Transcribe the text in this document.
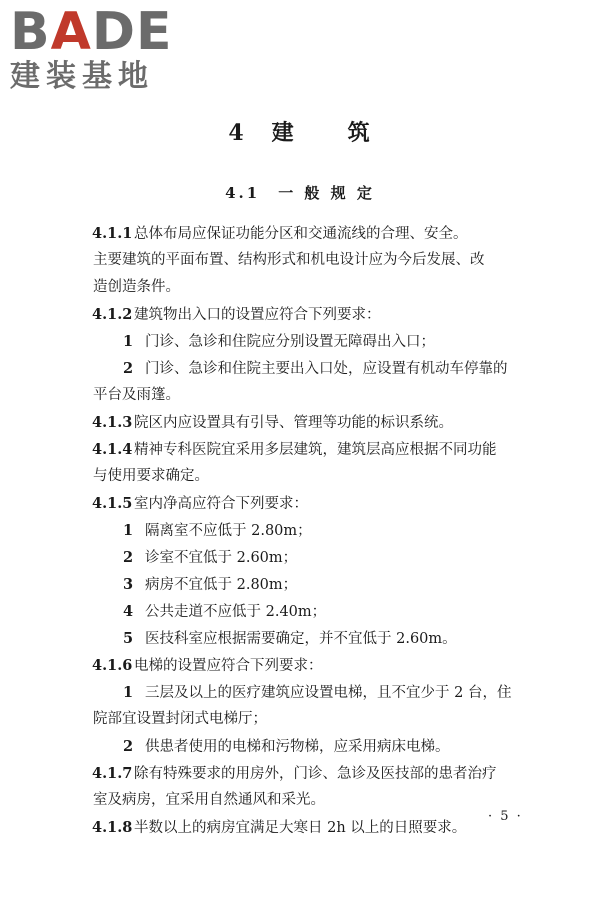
BADE
建装基地
4 建 筑
4.1　一 般 规 定
4.1.1 总体布局应保证功能分区和交通流线的合理、安全。
主要建筑的平面布置、结构形式和机电设计应为今后发展、改
造创造条件。
4.1.2 建筑物出入口的设置应符合下列要求：
1 门诊、急诊和住院应分别设置无障碍出入口；
2 门诊、急诊和住院主要出入口处，应设置有机动车停靠的
平台及雨篷。
4.1.3 院区内应设置具有引导、管理等功能的标识系统。
4.1.4 精神专科医院宜采用多层建筑，建筑层高应根据不同功能
与使用要求确定。
4.1.5 室内净高应符合下列要求：
1 隔离室不应低于 2.80m；
2 诊室不宜低于 2.60m；
3 病房不宜低于 2.80m；
4 公共走道不应低于 2.40m；
5 医技科室应根据需要确定，并不宜低于 2.60m。
4.1.6 电梯的设置应符合下列要求：
1 三层及以上的医疗建筑应设置电梯，且不宜少于 2 台，住
院部宜设置封闭式电梯厅；
2 供患者使用的电梯和污物梯，应采用病床电梯。
4.1.7 除有特殊要求的用房外，门诊、急诊及医技部的患者治疗
室及病房，宜采用自然通风和采光。
4.1.8 半数以上的病房宜满足大寒日 2h 以上的日照要求。
· 5 ·
